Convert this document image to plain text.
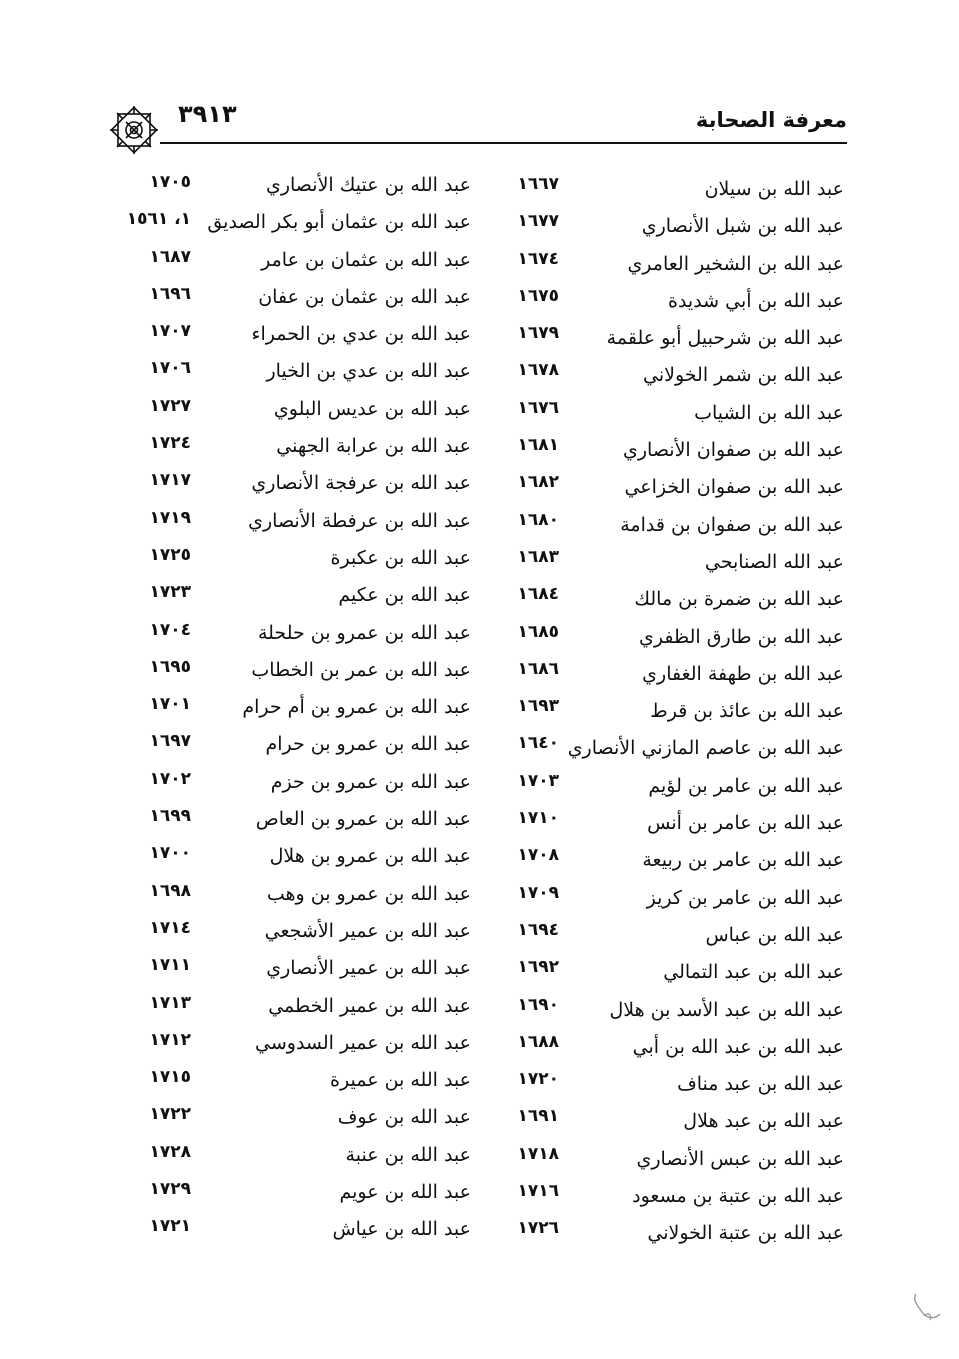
معرفة الصحابة
٣٩١٣
عبد الله بن سيلان
١٦٦٧
عبد الله بن عتيك الأنصاري
١٧٠٥
عبد الله بن شبل الأنصاري
١٦٧٧
عبد الله بن عثمان أبو بكر الصديق
١، ١٥٦١
عبد الله بن الشخير العامري
١٦٧٤
عبد الله بن عثمان بن عامر
١٦٨٧
عبد الله بن أبي شديدة
١٦٧٥
عبد الله بن عثمان بن عفان
١٦٩٦
عبد الله بن شرحبيل أبو علقمة
١٦٧٩
عبد الله بن عدي بن الحمراء
١٧٠٧
عبد الله بن شمر الخولاني
١٦٧٨
عبد الله بن عدي بن الخيار
١٧٠٦
عبد الله بن الشياب
١٦٧٦
عبد الله بن عديس البلوي
١٧٢٧
عبد الله بن صفوان الأنصاري
١٦٨١
عبد الله بن عرابة الجهني
١٧٢٤
عبد الله بن صفوان الخزاعي
١٦٨٢
عبد الله بن عرفجة الأنصاري
١٧١٧
عبد الله بن صفوان بن قدامة
١٦٨٠
عبد الله بن عرفطة الأنصاري
١٧١٩
عبد الله الصنابحي
١٦٨٣
عبد الله بن عكبرة
١٧٢٥
عبد الله بن ضمرة بن مالك
١٦٨٤
عبد الله بن عكيم
١٧٢٣
عبد الله بن طارق الظفري
١٦٨٥
عبد الله بن عمرو بن حلحلة
١٧٠٤
عبد الله بن طهفة الغفاري
١٦٨٦
عبد الله بن عمر بن الخطاب
١٦٩٥
عبد الله بن عائذ بن قرط
١٦٩٣
عبد الله بن عمرو بن أم حرام
١٧٠١
عبد الله بن عاصم المازني الأنصاري
١٦٤٠
عبد الله بن عمرو بن حرام
١٦٩٧
عبد الله بن عامر بن لؤيم
١٧٠٣
عبد الله بن عمرو بن حزم
١٧٠٢
عبد الله بن عامر بن أنس
١٧١٠
عبد الله بن عمرو بن العاص
١٦٩٩
عبد الله بن عامر بن ربيعة
١٧٠٨
عبد الله بن عمرو بن هلال
١٧٠٠
عبد الله بن عامر بن كريز
١٧٠٩
عبد الله بن عمرو بن وهب
١٦٩٨
عبد الله بن عباس
١٦٩٤
عبد الله بن عمير الأشجعي
١٧١٤
عبد الله بن عبد التمالي
١٦٩٢
عبد الله بن عمير الأنصاري
١٧١١
عبد الله بن عبد الأسد بن هلال
١٦٩٠
عبد الله بن عمير الخطمي
١٧١٣
عبد الله بن عبد الله بن أبي
١٦٨٨
عبد الله بن عمير السدوسي
١٧١٢
عبد الله بن عبد مناف
١٧٢٠
عبد الله بن عميرة
١٧١٥
عبد الله بن عبد هلال
١٦٩١
عبد الله بن عوف
١٧٢٢
عبد الله بن عبس الأنصاري
١٧١٨
عبد الله بن عنبة
١٧٢٨
عبد الله بن عتبة بن مسعود
١٧١٦
عبد الله بن عويم
١٧٢٩
عبد الله بن عتبة الخولاني
١٧٢٦
عبد الله بن عياش
١٧٢١
